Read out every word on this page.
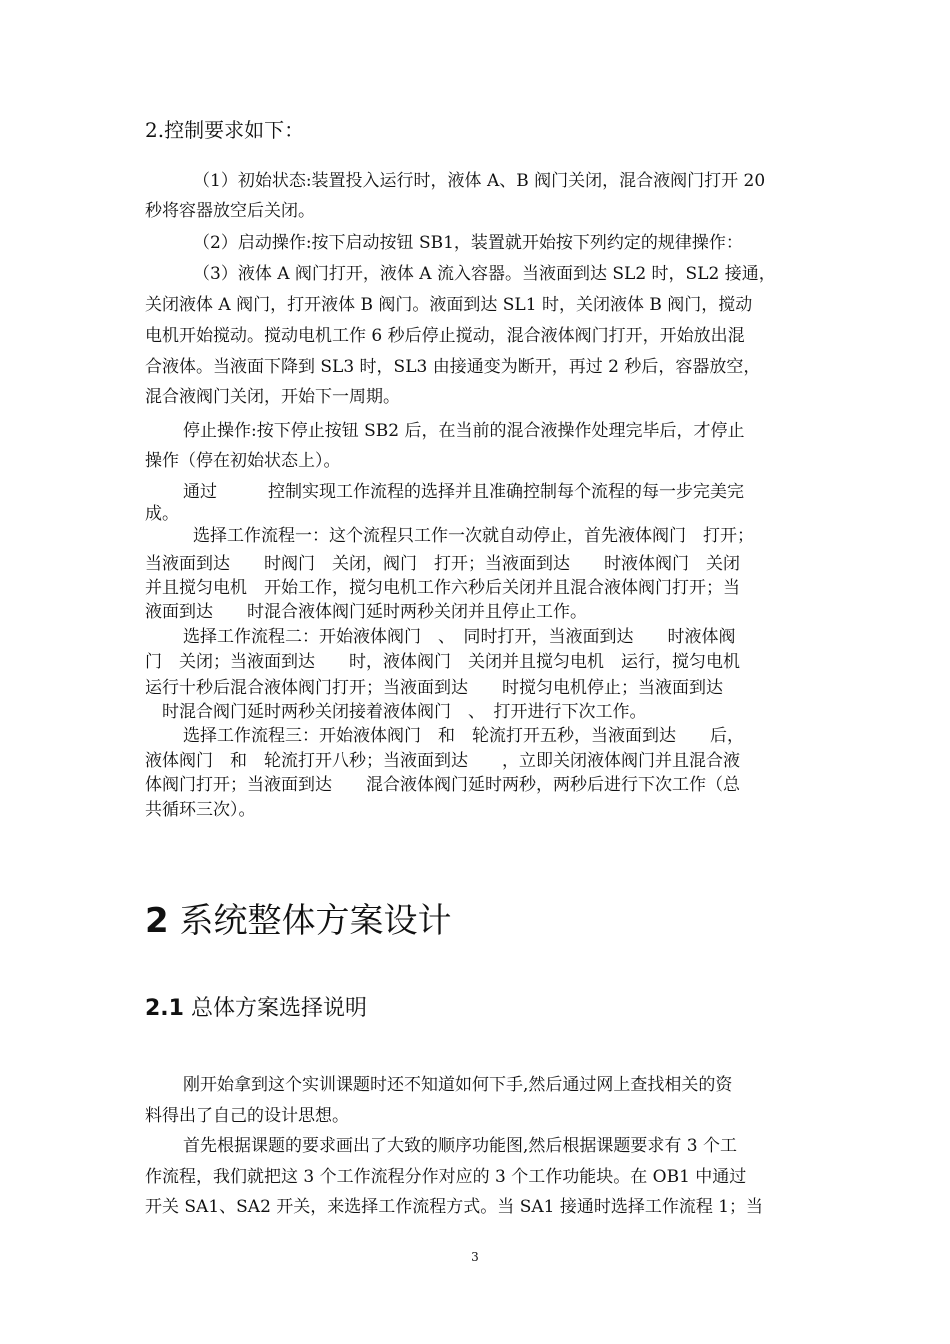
2.控制要求如下：
（1）初始状态:装置投入运行时，液体 A、B 阀门关闭，混合液阀门打开 20
秒将容器放空后关闭。
（2）启动操作:按下启动按钮 SB1，装置就开始按下列约定的规律操作：
（3）液体 A 阀门打开，液体 A 流入容器。当液面到达 SL2 时，SL2 接通，
关闭液体 A 阀门，打开液体 B 阀门。液面到达 SL1 时，关闭液体 B 阀门，搅动
电机开始搅动。搅动电机工作 6 秒后停止搅动，混合液体阀门打开，开始放出混
合液体。当液面下降到 SL3 时，SL3 由接通变为断开，再过 2 秒后，容器放空，
混合液阀门关闭，开始下一周期。
停止操作:按下停止按钮 SB2 后，在当前的混合液操作处理完毕后，才停止
操作（停在初始状态上）。
通过　　　控制实现工作流程的选择并且准确控制每个流程的每一步完美完
成。
选择工作流程一：这个流程只工作一次就自动停止，首先液体阀门　打开；
当液面到达　　时阀门　关闭，阀门　打开；当液面到达　　时液体阀门　关闭
并且搅匀电机　开始工作，搅匀电机工作六秒后关闭并且混合液体阀门打开；当
液面到达　　时混合液体阀门延时两秒关闭并且停止工作。
选择工作流程二：开始液体阀门　、　同时打开，当液面到达　　时液体阀
门　关闭；当液面到达　　时，液体阀门　关闭并且搅匀电机　运行，搅匀电机
运行十秒后混合液体阀门打开；当液面到达　　时搅匀电机停止；当液面到达
　时混合阀门延时两秒关闭接着液体阀门　、　打开进行下次工作。
选择工作流程三：开始液体阀门　和　轮流打开五秒，当液面到达　　后，
液体阀门　和　轮流打开八秒；当液面到达　　，立即关闭液体阀门并且混合液
体阀门打开；当液面到达　　混合液体阀门延时两秒，两秒后进行下次工作（总
共循环三次）。
2 系统整体方案设计
2.1 总体方案选择说明
刚开始拿到这个实训课题时还不知道如何下手,然后通过网上查找相关的资
料得出了自己的设计思想。
首先根据课题的要求画出了大致的顺序功能图,然后根据课题要求有 3 个工
作流程，我们就把这 3 个工作流程分作对应的 3 个工作功能块。在 OB1 中通过
开关 SA1、SA2 开关，来选择工作流程方式。当 SA1 接通时选择工作流程 1；当
3
